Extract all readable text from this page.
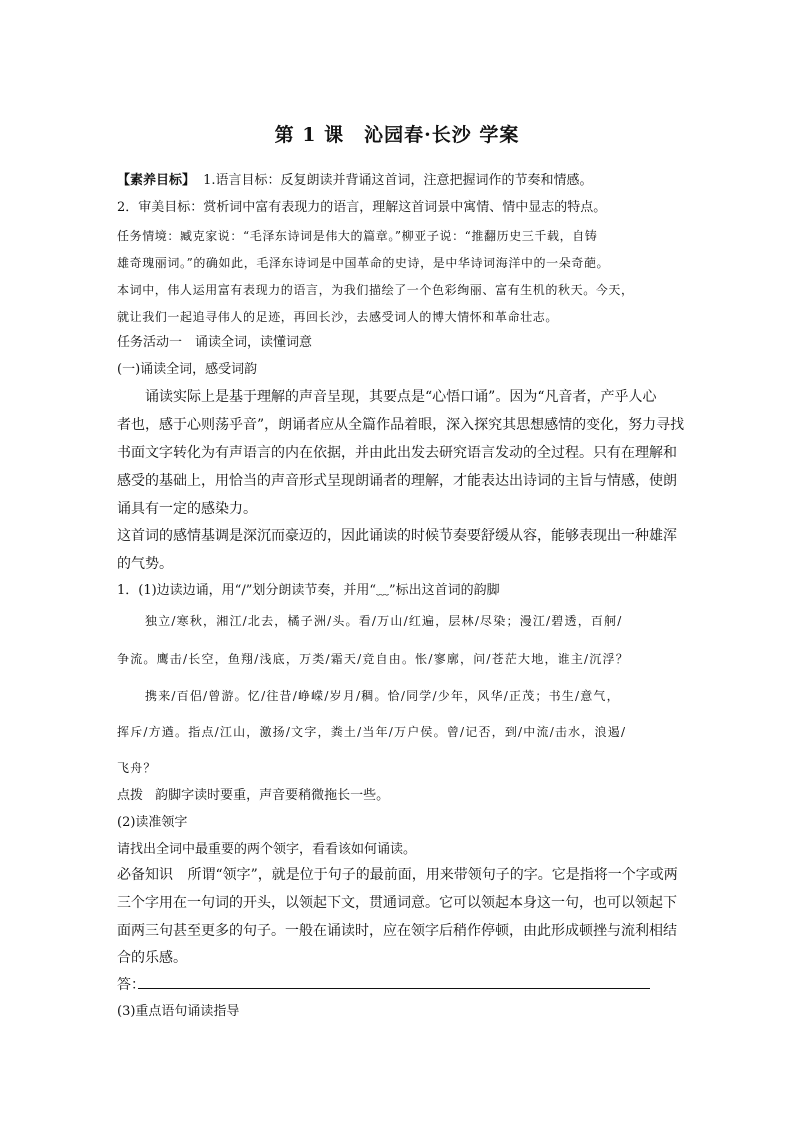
第 1 课　沁园春·长沙 学案
【素养目标】 1.语言目标：反复朗读并背诵这首词，注意把握词作的节奏和情感。
2．审美目标：赏析词中富有表现力的语言，理解这首词景中寓情、情中显志的特点。
任务情境：臧克家说：“毛泽东诗词是伟大的篇章。”柳亚子说：“推翻历史三千载，自铸
雄奇瑰丽词。”的确如此，毛泽东诗词是中国革命的史诗，是中华诗词海洋中的一朵奇葩。
本词中，伟人运用富有表现力的语言，为我们描绘了一个色彩绚丽、富有生机的秋天。今天，
就让我们一起追寻伟人的足迹，再回长沙，去感受词人的博大情怀和革命壮志。
任务活动一　诵读全词，读懂词意
(一)诵读全词，感受词韵
诵读实际上是基于理解的声音呈现，其要点是“心悟口诵”。因为“凡音者，产乎人心
者也，感于心则荡乎音”，朗诵者应从全篇作品着眼，深入探究其思想感情的变化，努力寻找
书面文字转化为有声语言的内在依据，并由此出发去研究语言发动的全过程。只有在理解和
感受的基础上，用恰当的声音形式呈现朗诵者的理解，才能表达出诗词的主旨与情感，使朗
诵具有一定的感染力。
这首词的感情基调是深沉而豪迈的，因此诵读的时候节奏要舒缓从容，能够表现出一种雄浑
的气势。
1．(1)边读边诵，用“/”划分朗读节奏，并用“﹏”标出这首词的韵脚
独立/寒秋，湘江/北去，橘子洲/头。看/万山/红遍，层林/尽染；漫江/碧透，百舸/
争流。鹰击/长空，鱼翔/浅底，万类/霜天/竞自由。怅/寥廓，问/苍茫大地，谁主/沉浮？
携来/百侣/曾游。忆/往昔/峥嵘/岁月/稠。恰/同学/少年，风华/正茂；书生/意气，
挥斥/方遒。指点/江山，激扬/文字，粪土/当年/万户侯。曾/记否，到/中流/击水，浪遏/
飞舟？
点拨 韵脚字读时要重，声音要稍微拖长一些。
(2)读准领字
请找出全词中最重要的两个领字，看看该如何诵读。
必备知识 所谓“领字”，就是位于句子的最前面，用来带领句子的字。它是指将一个字或两
三个字用在一句词的开头，以领起下文，贯通词意。它可以领起本身这一句，也可以领起下
面两三句甚至更多的句子。一般在诵读时，应在领字后稍作停顿，由此形成顿挫与流利相结
合的乐感。
答：
(3)重点语句诵读指导
